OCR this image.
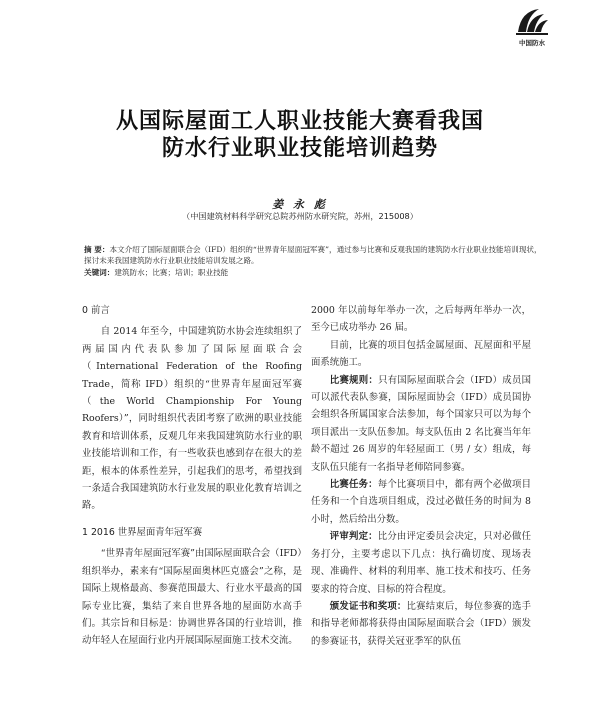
中国防水
从国际屋面工人职业技能大赛看我国
防水行业职业技能培训趋势
姜 永 彪
（中国建筑材料科学研究总院苏州防水研究院，苏州，215008）
摘 要：本文介绍了国际屋面联合会（IFD）组织的“世界青年屋面冠军赛”，通过参与比赛和反观我国的建筑防水行业职业技能培训现状，探讨未来我国建筑防水行业职业技能培训发展之路。
关键词：建筑防水；比赛；培训；职业技能
0 前言

自 2014 年至今，中国建筑防水协会连续组织了两届国内代表队参加了国际屋面联合会（International Federation of the Roofing Trade，简称 IFD）组织的“世界青年屋面冠军赛（the World Championship For Young Roofers）”，同时组织代表团考察了欧洲的职业技能教育和培训体系，反观几年来我国建筑防水行业的职业技能培训和工作，有一些收获也感到存在很大的差距，根本的体系性差异，引起我们的思考，希望找到一条适合我国建筑防水行业发展的职业化教育培训之路。

1 2016 世界屋面青年冠军赛

“世界青年屋面冠军赛”由国际屋面联合会（IFD）组织举办，素来有“国际屋面奥林匹克盛会”之称，是国际上规格最高、参赛范围最大、行业水平最高的国际专业比赛，集结了来自世界各地的屋面防水高手们。其宗旨和目标是：协调世界各国的行业培训，推动年轻人在屋面行业内开展国际屋面施工技术交流。

2000 年以前每年举办一次，之后每两年举办一次，至今已成功举办 26 届。

目前，比赛的项目包括金属屋面、瓦屋面和平屋面系统施工。

比赛规则：只有国际屋面联合会（IFD）成员国可以派代表队参赛，国际屋面协会（IFD）成员国协会组织各所属国家合法参加，每个国家只可以为每个项目派出一支队伍参加。每支队伍由 2 名比赛当年年龄不超过 26 周岁的年轻屋面工（男 / 女）组成，每支队伍只能有一名指导老师陪同参赛。

比赛任务：每个比赛项目中，都有两个必做项目任务和一个自选项目组成，没过必做任务的时间为 8 小时，然后给出分数。

评审判定：比分由评定委员会决定，只对必做任务打分，主要考虑以下几点：执行确切度、现场表现、准确件、材料的利用率、施工技术和技巧、任务要求的符合度、目标的符合程度。

颁发证书和奖项：比赛结束后，每位参赛的选手和指导老师都将获得由国际屋面联合会（IFD）颁发的参赛证书，获得关冠亚季军的队伍
